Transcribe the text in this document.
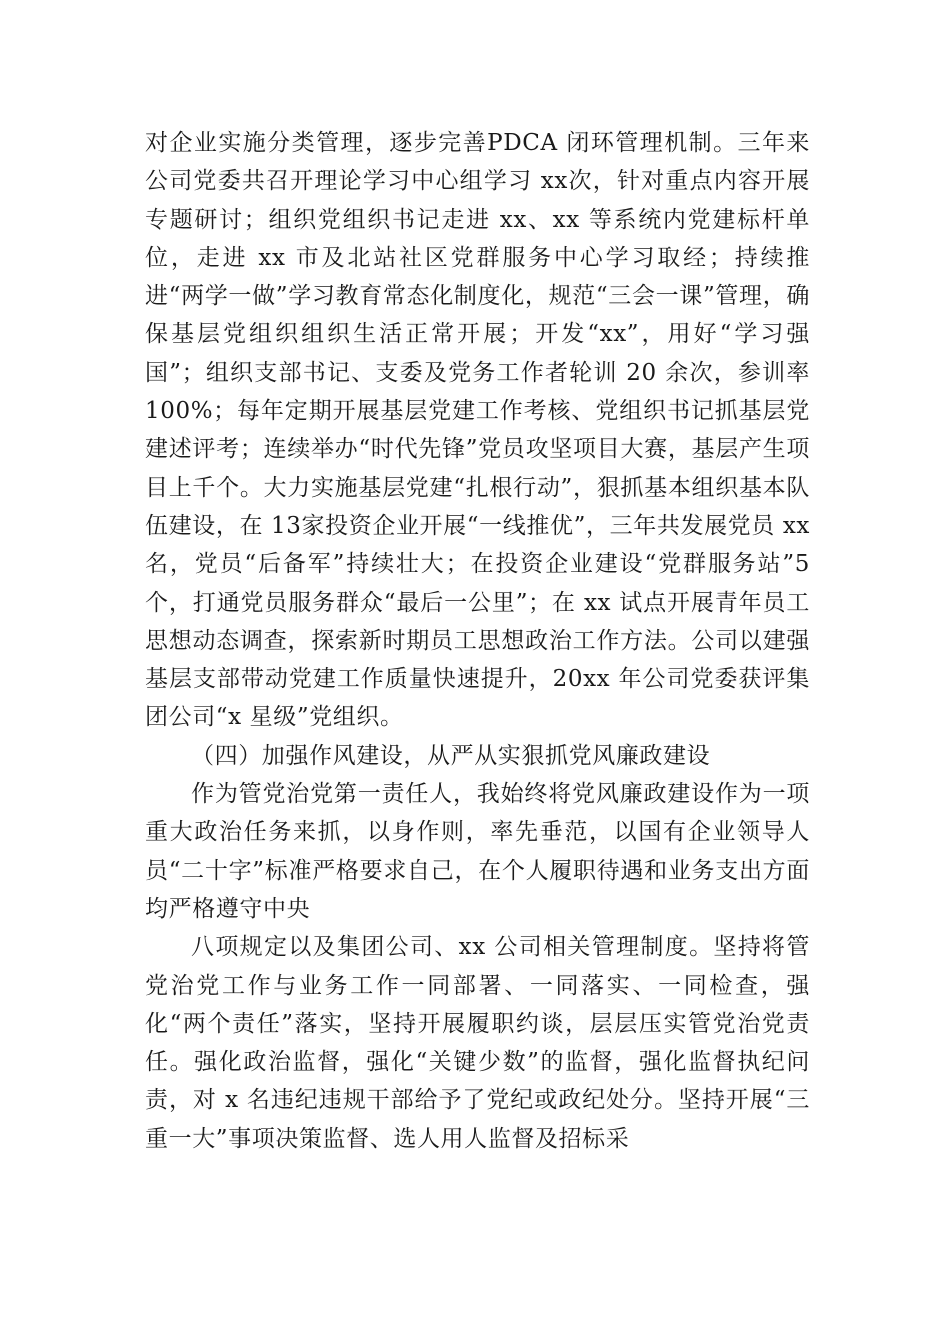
对企业实施分类管理，逐步完善PDCA 闭环管理机制。三年来公司党委共召开理论学习中心组学习 xx次，针对重点内容开展专题研讨；组织党组织书记走进 xx、xx 等系统内党建标杆单位，走进 xx 市及北站社区党群服务中心学习取经；持续推进“两学一做”学习教育常态化制度化，规范“三会一课”管理，确保基层党组织组织生活正常开展；开发“xx”，用好“学习强国”；组织支部书记、支委及党务工作者轮训 20 余次，参训率 100%；每年定期开展基层党建工作考核、党组织书记抓基层党建述评考；连续举办“时代先锋”党员攻坚项目大赛，基层产生项目上千个。大力实施基层党建“扎根行动”，狠抓基本组织基本队伍建设，在 13家投资企业开展“一线推优”，三年共发展党员 xx 名，党员“后备军”持续壮大；在投资企业建设“党群服务站”5个，打通党员服务群众“最后一公里”；在 xx 试点开展青年员工思想动态调查，探索新时期员工思想政治工作方法。公司以建强基层支部带动党建工作质量快速提升，20xx 年公司党委获评集团公司“x 星级”党组织。

（四）加强作风建设，从严从实狠抓党风廉政建设

作为管党治党第一责任人，我始终将党风廉政建设作为一项重大政治任务来抓，以身作则，率先垂范，以国有企业领导人员“二十字”标准严格要求自己，在个人履职待遇和业务支出方面均严格遵守中央

八项规定以及集团公司、xx 公司相关管理制度。坚持将管党治党工作与业务工作一同部署、一同落实、一同检查，强化“两个责任”落实，坚持开展履职约谈，层层压实管党治党责任。强化政治监督，强化“关键少数”的监督，强化监督执纪问责，对 x 名违纪违规干部给予了党纪或政纪处分。坚持开展“三重一大”事项决策监督、选人用人监督及招标采
